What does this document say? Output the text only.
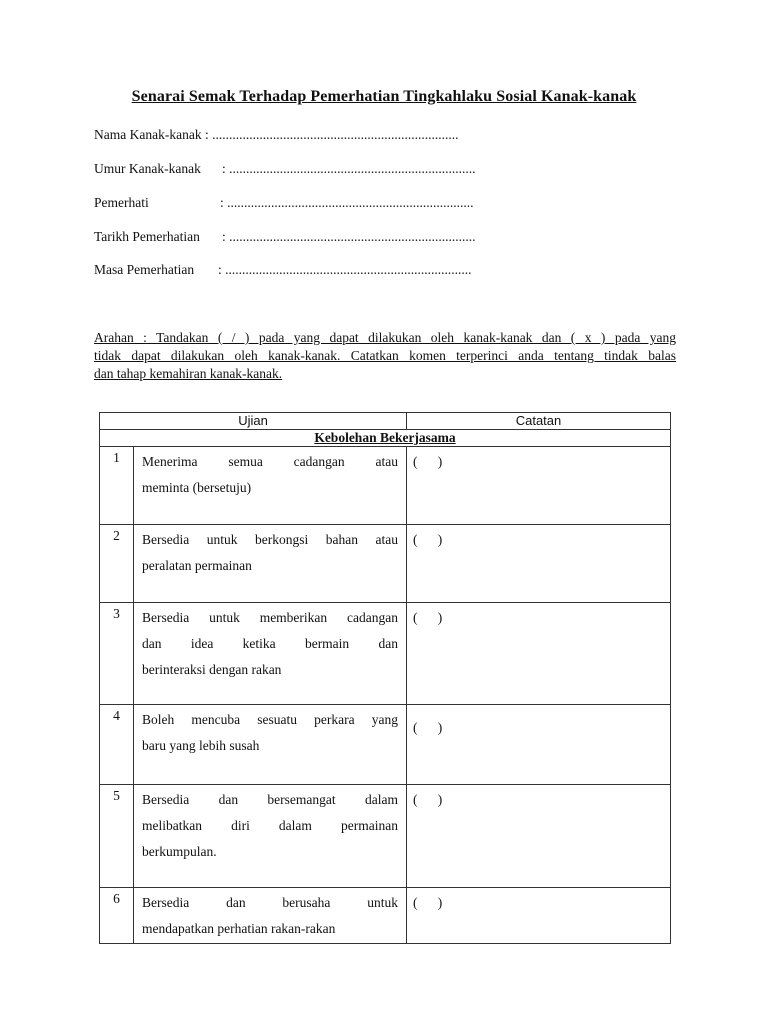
Senarai Semak Terhadap Pemerhatian Tingkahlaku Sosial Kanak-kanak
Nama Kanak-kanak : .........................................................................
Umur Kanak-kanak : .........................................................................
Pemerhati	: .........................................................................
Tarikh Pemerhatian : .........................................................................
Masa Pemerhatian : .........................................................................
Arahan : Tandakan ( / ) pada yang dapat dilakukan oleh kanak-kanak dan ( x ) pada yang
tidak dapat dilakukan oleh kanak-kanak. Catatkan komen terperinci anda tentang tindak balas
dan tahap kemahiran kanak-kanak.
Ujian		Catatan
Kebolehan Bekerjasama		
1	Menerima semua cadangan atau
meminta (bersetuju)	(      )
2	Bersedia untuk berkongsi bahan atau
peralatan permainan	(      )
3	Bersedia untuk memberikan cadangan
dan idea ketika bermain dan
berinteraksi dengan rakan	(      )
4	Boleh mencuba sesuatu perkara yang
baru yang lebih susah	(      )
5	Bersedia dan bersemangat dalam
melibatkan diri dalam permainan
berkumpulan.	(      )
6	Bersedia dan berusaha untuk
mendapatkan perhatian rakan-rakan	(      )
